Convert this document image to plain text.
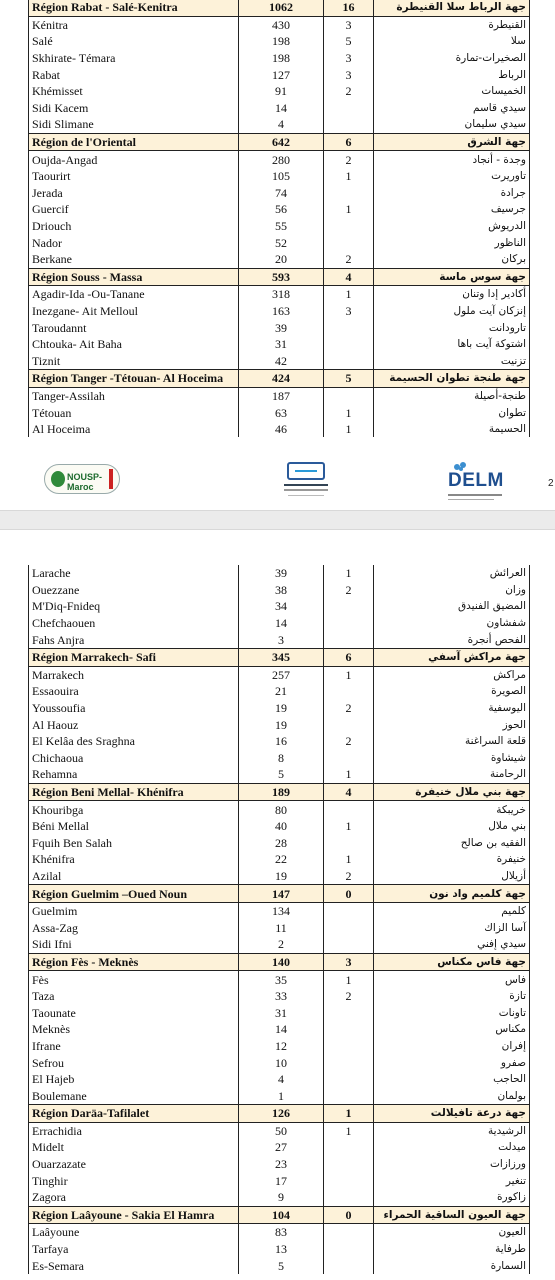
Région Rabat - Salé-Kenitra	1062	16	جهة الرباط سلا القنيطرة
Kénitra	430	3	القنيطرة
Salé	198	5	سلا
Skhirate- Témara	198	3	الصخيرات-تمارة
Rabat	127	3	الرباط
Khémisset	91	2	الخميسات
Sidi Kacem	14		سيدي قاسم
Sidi Slimane	4		سيدي سليمان
Région de l'Oriental	642	6	جهة الشرق
Oujda-Angad	280	2	وجدة - أنجاد
Taourirt	105	1	تاوريرت
Jerada	74		جرادة
Guercif	56	1	جرسيف
Driouch	55		الدريوش
Nador	52		الناظور
Berkane	20	2	بركان
Région Souss - Massa	593	4	جهة سوس ماسة
Agadir-Ida -Ou-Tanane	318	1	أكادير إدا وتنان
Inezgane- Ait Melloul	163	3	إنزكان آيت ملول
Taroudannt	39		تارودانت
Chtouka- Ait Baha	31		اشتوكة آيت باها
Tiznit	42		تزنيت
Région Tanger -Tétouan- Al Hoceima	424	5	جهة طنجة تطوان الحسيمة
Tanger-Assilah	187		طنجة-أصيلة
Tétouan	63	1	تطوان
Al Hoceima	46	1	الحسيمة
NOUSP-Maroc	DELM	2
Larache	39	1	العرائش
Ouezzane	38	2	وزان
M'Diq-Fnideq	34		المضيق الفنيدق
Chefchaouen	14		شفشاون
Fahs Anjra	3		الفحص أنجرة
Région Marrakech- Safi	345	6	جهة مراكش آسفي
Marrakech	257	1	مراكش
Essaouira	21		الصويرة
Youssoufia	19	2	اليوسفية
Al Haouz	19		الحوز
El Kelâa des Sraghna	16	2	قلعة السراغنة
Chichaoua	8		شيشاوة
Rehamna	5	1	الرحامنة
Région Beni Mellal- Khénifra	189	4	جهة بني ملال خنيفرة
Khouribga	80		خريبكة
Béni Mellal	40	1	بني ملال
Fquih Ben Salah	28		الفقيه بن صالح
Khénifra	22	1	خنيفرة
Azilal	19	2	أزيلال
Région Guelmim –Oued Noun	147	0	جهة كلميم واد نون
Guelmim	134		كلميم
Assa-Zag	11		آسا الزاك
Sidi Ifni	2		سيدي إفني
Région Fès - Meknès	140	3	جهة فاس مكناس
Fès	35	1	فاس
Taza	33	2	تازة
Taounate	31		تاونات
Meknès	14		مكناس
Ifrane	12		إفران
Sefrou	10		صفرو
El Hajeb	4		الحاجب
Boulemane	1		بولمان
Région Daräa-Tafilalet	126	1	جهة درعة تافيلالت
Errachidia	50	1	الرشيدية
Midelt	27		ميدلت
Ouarzazate	23		ورزازات
Tinghir	17		تنغير
Zagora	9		زاكورة
Région Laâyoune - Sakia El Hamra	104	0	جهة العيون الساقية الحمراء
Laâyoune	83		العيون
Tarfaya	13		طرفاية
Es-Semara	5		السمارة
